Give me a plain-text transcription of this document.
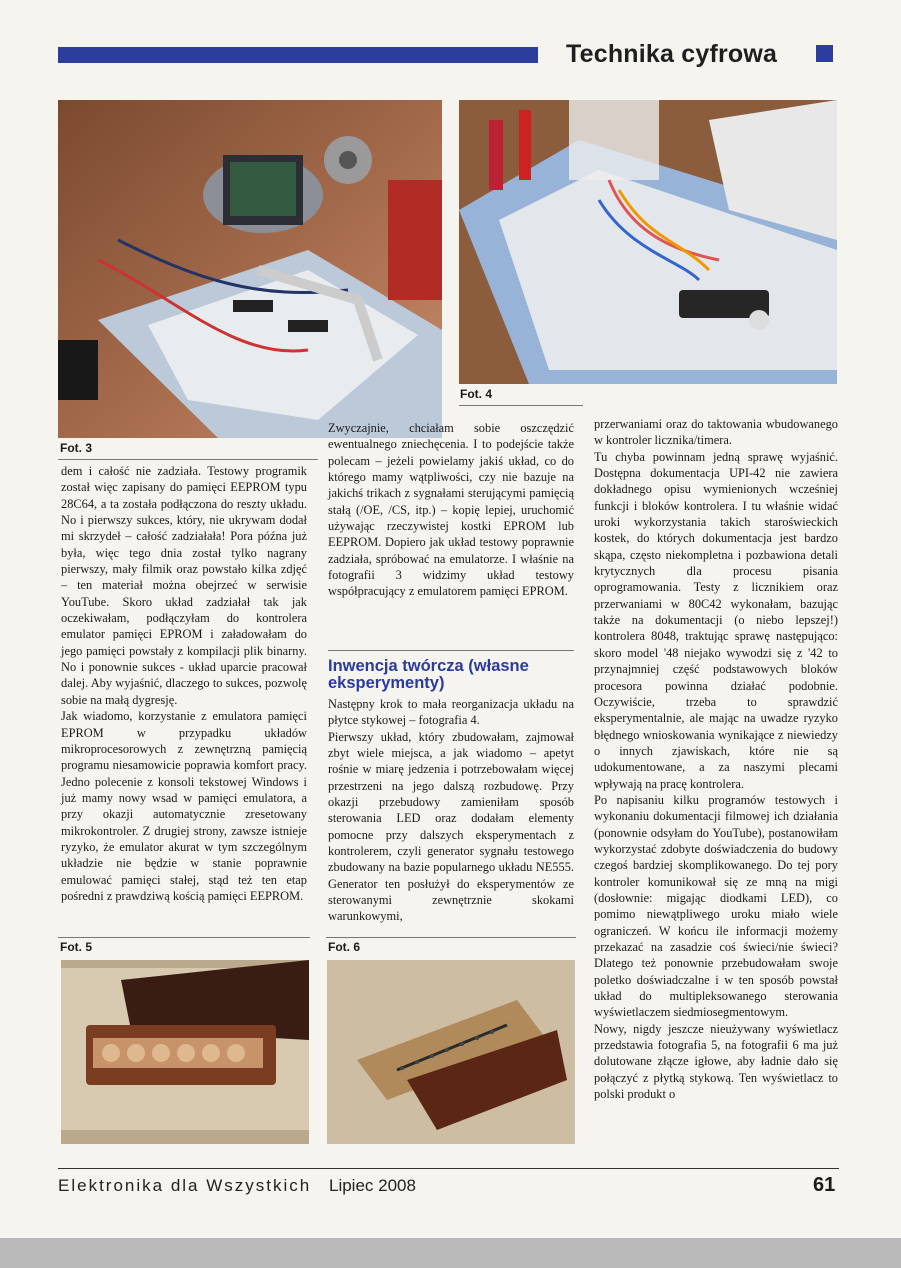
Technika cyfrowa
Fot. 3
Fot. 4

dem i całość nie zadziała. Testowy programik został więc zapisany do pamięci EEPROM typu 28C64, a ta została podłączona do reszty układu. No i pierwszy sukces, który, nie ukrywam dodał mi skrzydeł – całość zadziałała! Pora późna już była, więc tego dnia został tylko nagrany pierwszy, mały filmik oraz powstało kilka zdjęć – ten materiał można obejrzeć w serwisie YouTube. Skoro układ zadziałał tak jak oczekiwałam, podłączyłam do kontrolera emulator pamięci EPROM i załadowałam do jego pamięci powstały z kompilacji plik binarny. No i ponownie sukces - układ uparcie pracował dalej. Aby wyjaśnić, dlaczego to sukces, pozwolę sobie na małą dygresję.

Jak wiadomo, korzystanie z emulatora pamięci EPROM w przypadku układów mikroprocesorowych z zewnętrzną pamięcią programu niesamowicie poprawia komfort pracy. Jedno polecenie z konsoli tekstowej Windows i już mamy nowy wsad w pamięci emulatora, a przy okazji automatycznie zresetowany mikrokontroler. Z drugiej strony, zawsze istnieje ryzyko, że emulator akurat w tym szczególnym układzie nie będzie w stanie poprawnie emulować pamięci stałej, stąd też ten etap pośredni z prawdziwą kością pamięci EEPROM.

Zwyczajnie, chciałam sobie oszczędzić ewentualnego zniechęcenia. I to podejście także polecam – jeżeli powielamy jakiś układ, co do którego mamy wątpliwości, czy nie bazuje na jakichś trikach z sygnałami sterującymi pamięcią stałą (/OE, /CS, itp.) – kopię lepiej, uruchomić używając rzeczywistej kostki EPROM lub EEPROM. Dopiero jak układ testowy poprawnie zadziała, spróbować na emulatorze. I właśnie na fotografii 3 widzimy układ testowy współpracujący z emulatorem pamięci EPROM.

Inwencja twórcza (własne eksperymenty)

Następny krok to mała reorganizacja układu na płytce stykowej – fotografia 4.

Pierwszy układ, który zbudowałam, zajmował zbyt wiele miejsca, a jak wiadomo – apetyt rośnie w miarę jedzenia i potrzebowałam więcej przestrzeni na jego dalszą rozbudowę. Przy okazji przebudowy zamieniłam sposób sterowania LED oraz dodałam elementy pomocne przy dalszych eksperymentach z kontrolerem, czyli generator sygnału testowego zbudowany na bazie popularnego układu NE555. Generator ten posłużył do eksperymentów ze sterowanymi zewnętrznie skokami warunkowymi,

przerwaniami oraz do taktowania wbudowanego w kontroler licznika/timera.

Tu chyba powinnam jedną sprawę wyjaśnić. Dostępna dokumentacja UPI-42 nie zawiera dokładnego opisu wymienionych wcześniej funkcji i bloków kontrolera. I tu właśnie widać uroki wykorzystania takich staroświeckich kostek, do których dokumentacja jest bardzo skąpa, często niekompletna i pozbawiona detali krytycznych dla procesu pisania oprogramowania. Testy z licznikiem oraz przerwaniami w 80C42 wykonałam, bazując także na dokumentacji (o niebo lepszej!) kontrolera 8048, traktując sprawę następująco: skoro model '48 niejako wywodzi się z '42 to przynajmniej część podstawowych bloków procesora powinna działać podobnie. Oczywiście, trzeba to sprawdzić eksperymentalnie, ale mając na uwadze ryzyko błędnego wnioskowania wynikające z niewiedzy o innych zjawiskach, które nie są udokumentowane, a za naszymi plecami wpływają na pracę kontrolera.

Po napisaniu kilku programów testowych i wykonaniu dokumentacji filmowej ich działania (ponownie odsyłam do YouTube), postanowiłam wykorzystać zdobyte doświadczenia do budowy czegoś bardziej skomplikowanego. Do tej pory kontroler komunikował się ze mną na migi (dosłownie: migając diodkami LED), co pomimo niewątpliwego uroku miało wiele ograniczeń. W końcu ile informacji możemy przekazać na zasadzie coś świeci/nie świeci? Dlatego też ponownie przebudowałam swoje poletko doświadczalne i w ten sposób powstał układ do multipleksowanego sterowania wyświetlaczem siedmiosegmentowym.

Nowy, nigdy jeszcze nieużywany wyświetlacz przedstawia fotografia 5, na fotografii 6 ma już dolutowane złącze igłowe, aby ładnie dało się połączyć z płytką stykową. Ten wyświetlacz to polski produkt o

Fot. 5	Fot. 6
Elektronika dla Wszystkich Lipiec 2008	61
